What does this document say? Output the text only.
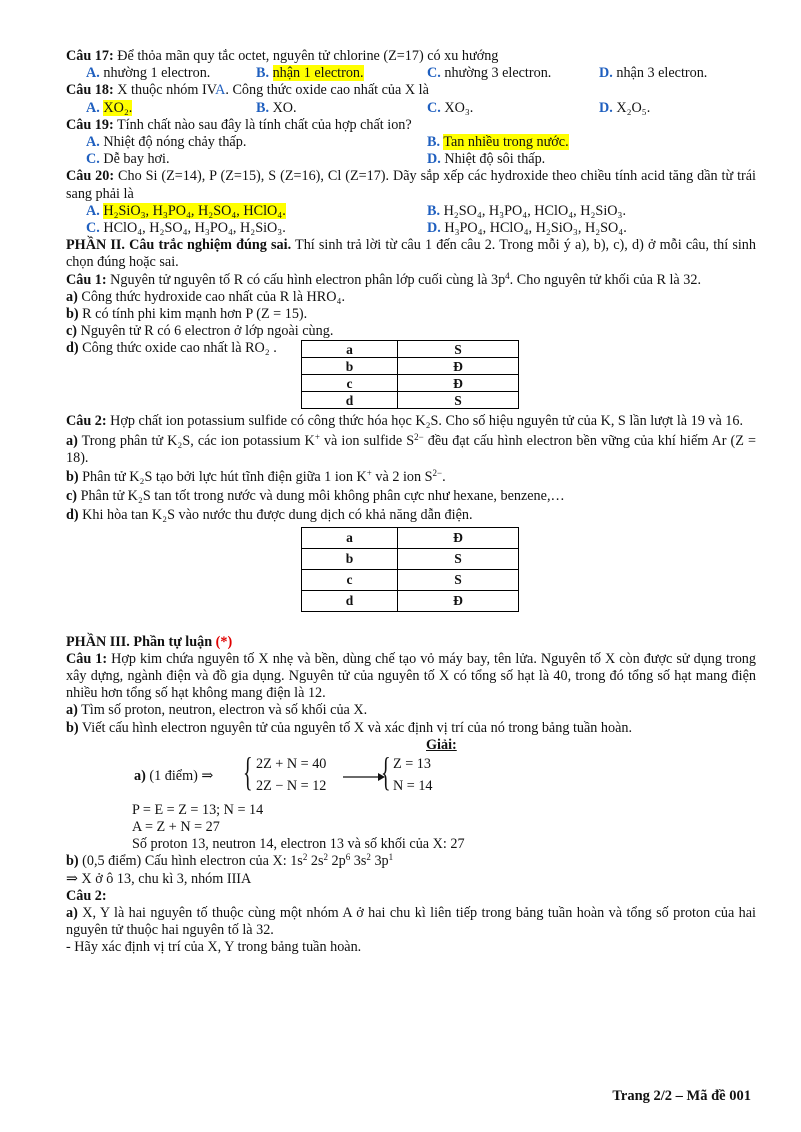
Câu 17: Để thỏa mãn quy tắc octet, nguyên tử chlorine (Z=17) có xu hướng
A. nhường 1 electron.	B. nhận 1 electron.	C. nhường 3 electron.	D. nhận 3 electron.
Câu 18: X thuộc nhóm IVA. Công thức oxide cao nhất của X là
A. XO₂.	B. XO.	C. XO₃.	D. X₂O₅.
Câu 19: Tính chất nào sau đây là tính chất của hợp chất ion?
A. Nhiệt độ nóng chảy thấp.	B. Tan nhiều trong nước.
C. Dễ bay hơi.	D. Nhiệt độ sôi thấp.
Câu 20: Cho Si (Z=14), P (Z=15), S (Z=16), Cl (Z=17). Dãy sắp xếp các hydroxide theo chiều tính acid tăng dần từ trái sang phải là
A. H₂SiO₃, H₃PO₄, H₂SO₄, HClO₄.	B. H₂SO₄, H₃PO₄, HClO₄, H₂SiO₃.
C. HClO₄, H₂SO₄, H₃PO₄, H₂SiO₃.	D. H₃PO₄, HClO₄, H₂SiO₃, H₂SO₄.
PHẦN II. Câu trắc nghiệm đúng sai. Thí sinh trả lời từ câu 1 đến câu 2. Trong mỗi ý a), b), c), d) ở mỗi câu, thí sinh chọn đúng hoặc sai.
Câu 1: Nguyên tử nguyên tố R có cấu hình electron phân lớp cuối cùng là $3p^4$. Cho nguyên tử khối của R là 32.
a) Công thức hydroxide cao nhất của R là HRO₄.
b) R có tính phi kim mạnh hơn P (Z = 15).
c) Nguyên tử R có 6 electron ở lớp ngoài cùng.
d) Công thức oxide cao nhất là RO₂ .	a	S
b	Đ
c	Đ
d	S
Câu 2: Hợp chất ion potassium sulfide có công thức hóa học K₂S. Cho số hiệu nguyên tử của K, S lần lượt là 19 và 16.
a) Trong phân tử K₂S, các ion potassium K+ và ion sulfide $S^{2-}$ đều đạt cấu hình electron bền vững của khí hiếm Ar (Z = 18).
b) Phân tử K₂S tạo bởi lực hút tĩnh điện giữa 1 ion K+ và 2 ion $S^{2-}$.
c) Phân tử K₂S tan tốt trong nước và dung môi không phân cực như hexane, benzene,…
d) Khi hòa tan K₂S vào nước thu được dung dịch có khả năng dẫn điện.
a	Đ
b	S
c	S
d	Đ
PHẦN III. Phần tự luận (*)
Câu 1: Hợp kim chứa nguyên tố X nhẹ và bền, dùng chế tạo vỏ máy bay, tên lửa. Nguyên tố X còn được sử dụng trong xây dựng, ngành điện và đồ gia dụng. Nguyên tử của nguyên tố X có tổng số hạt là 40, trong đó tổng số hạt mang điện nhiều hơn tổng số hạt không mang điện là 12.
a) Tìm số proton, neutron, electron và số khối của X.
b) Viết cấu hình electron nguyên tử của nguyên tố X và xác định vị trí của nó trong bảng tuần hoàn.
Giải:
a) (1 điểm) ⇒ { 2Z + N = 40
2Z − N = 12 { Z = 13
N = 14
P = E = Z = 13; N = 14
A = Z + N = 27
Số proton 13, neutron 14, electron 13 và số khối của X: 27
b) (0,5 điểm) Cấu hình electron của X: $1s^2$ $2s^2$ $2p^6$ $3s^2$ $3p^1$
⇒ X ở ô 13, chu kì 3, nhóm IIIA
Câu 2:
a) X, Y là hai nguyên tố thuộc cùng một nhóm A ở hai chu kì liên tiếp trong bảng tuần hoàn và tổng số proton của hai nguyên tử thuộc hai nguyên tố là 32.
- Hãy xác định vị trí của X, Y trong bảng tuần hoàn.
Trang 2/2 – Mã đề 001
